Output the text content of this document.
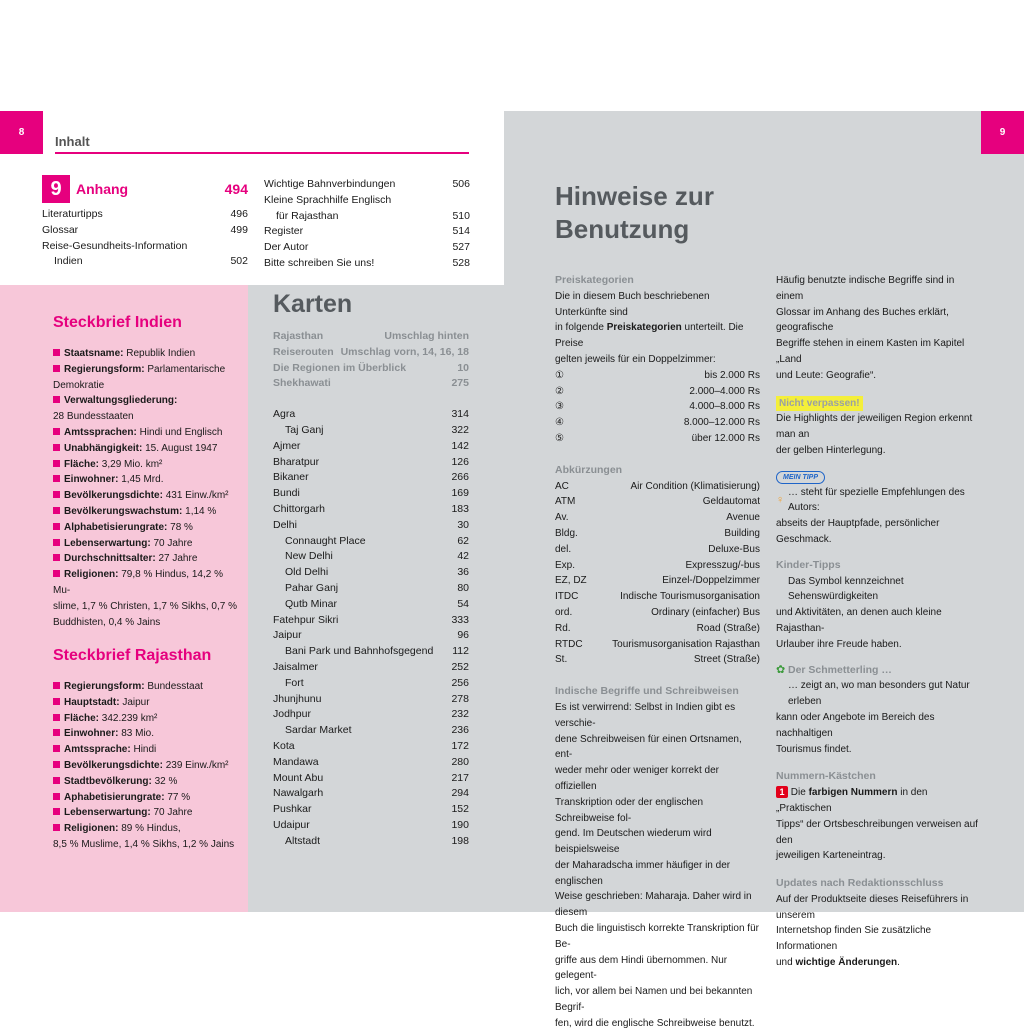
8	9
Inhalt
9	Anhang	494
Literaturtipps	496
Glossar	499
Reise-Gesundheits-Information
Indien	502
Wichtige Bahnverbindungen	506
Kleine Sprachhilfe Englisch
für Rajasthan	510
Register	514
Der Autor	527
Bitte schreiben Sie uns!	528
Steckbrief Indien
Staatsname: Republik Indien
Regierungsform: Parlamentarische
Demokratie
Verwaltungsgliederung:
28 Bundesstaaten
Amtssprachen: Hindi und Englisch
Unabhängigkeit: 15. August 1947
Fläche: 3,29 Mio. km²
Einwohner: 1,45 Mrd.
Bevölkerungsdichte: 431 Einw./km²
Bevölkerungswachstum: 1,14 %
Alphabetisierungrate: 78 %
Lebenserwartung: 70 Jahre
Durchschnittsalter: 27 Jahre
Religionen: 79,8 % Hindus, 14,2 % Mu-
slime, 1,7 % Christen, 1,7 % Sikhs, 0,7 %
Buddhisten, 0,4 % Jains
Steckbrief Rajasthan
Regierungsform: Bundesstaat
Hauptstadt: Jaipur
Fläche: 342.239 km²
Einwohner: 83 Mio.
Amtssprache: Hindi
Bevölkerungsdichte: 239 Einw./km²
Stadtbevölkerung: 32 %
Aphabetisierungrate: 77 %
Lebenserwartung: 70 Jahre
Religionen: 89 % Hindus,
8,5 % Muslime, 1,4 % Sikhs, 1,2 % Jains
Karten
Rajasthan	Umschlag hinten
Reiserouten Umschlag vorn, 14, 16, 18
Die Regionen im Überblick	10
Shekhawati	275
Agra	314
Taj Ganj	322
Ajmer	142
Bharatpur	126
Bikaner	266
Bundi	169
Chittorgarh	183
Delhi	30
Connaught Place	62
New Delhi	42
Old Delhi	36
Pahar Ganj	80
Qutb Minar	54
Fatehpur Sikri	333
Jaipur	96
Bani Park und Bahnhofsgegend 112
Jaisalmer	252
Fort	256
Jhunjhunu	278
Jodhpur	232
Sardar Market	236
Kota	172
Mandawa	280
Mount Abu	217
Nawalgarh	294
Pushkar	152
Udaipur	190
Altstadt	198
Hinweise zur
Benutzung
Preiskategorien
Die in diesem Buch beschriebenen Unterkünfte sind
in folgende Preiskategorien unterteilt. Die Preise
gelten jeweils für ein Doppelzimmer:
①	bis 2.000 Rs
②	2.000–4.000 Rs
③	4.000–8.000 Rs
④	8.000–12.000 Rs
⑤	über 12.000 Rs
Abkürzungen
AC	Air Condition (Klimatisierung)
ATM	Geldautomat
Av.	Avenue
Bldg.	Building
del.	Deluxe-Bus
Exp.	Expresszug/-bus
EZ, DZ	Einzel-/Doppelzimmer
ITDC	Indische Tourismusorganisation
ord.	Ordinary (einfacher) Bus
Rd.	Road (Straße)
RTDC	Tourismusorganisation Rajasthan
St.	Street (Straße)
Indische Begriffe und Schreibweisen
Es ist verwirrend: Selbst in Indien gibt es verschie-
dene Schreibweisen für einen Ortsnamen, ent-
weder mehr oder weniger korrekt der offiziellen
Transkription oder der englischen Schreibweise fol-
gend. Im Deutschen wiederum wird beispielsweise
der Maharadscha immer häufiger in der englischen
Weise geschrieben: Maharaja. Daher wird in diesem
Buch die linguistisch korrekte Transkription für Be-
griffe aus dem Hindi übernommen. Nur gelegent-
lich, vor allem bei Namen und bei bekannten Begrif-
fen, wird die englische Schreibweise benutzt.
Häufig benutzte indische Begriffe sind in einem
Glossar im Anhang des Buches erklärt, geografische
Begriffe stehen in einem Kasten im Kapitel „Land
und Leute: Geografie“.
Nicht verpassen!
Die Highlights der jeweiligen Region erkennt man an
der gelben Hinterlegung.
MEIN TIPP
… steht für spezielle Empfehlungen des Autors:
abseits der Hauptpfade, persönlicher Geschmack.
Kinder-Tipps
Das Symbol kennzeichnet Sehenswürdigkeiten
und Aktivitäten, an denen auch kleine Rajasthan-
Urlauber ihre Freude haben.
✿ Der Schmetterling …
… zeigt an, wo man besonders gut Natur erleben
kann oder Angebote im Bereich des nachhaltigen
Tourismus findet.
Nummern-Kästchen
1 Die farbigen Nummern in den „Praktischen
Tipps“ der Ortsbeschreibungen verweisen auf den
jeweiligen Karteneintrag.
Updates nach Redaktionsschluss
Auf der Produktseite dieses Reiseführers in unserem
Internetshop finden Sie zusätzliche Informationen
und wichtige Änderungen.
♀
